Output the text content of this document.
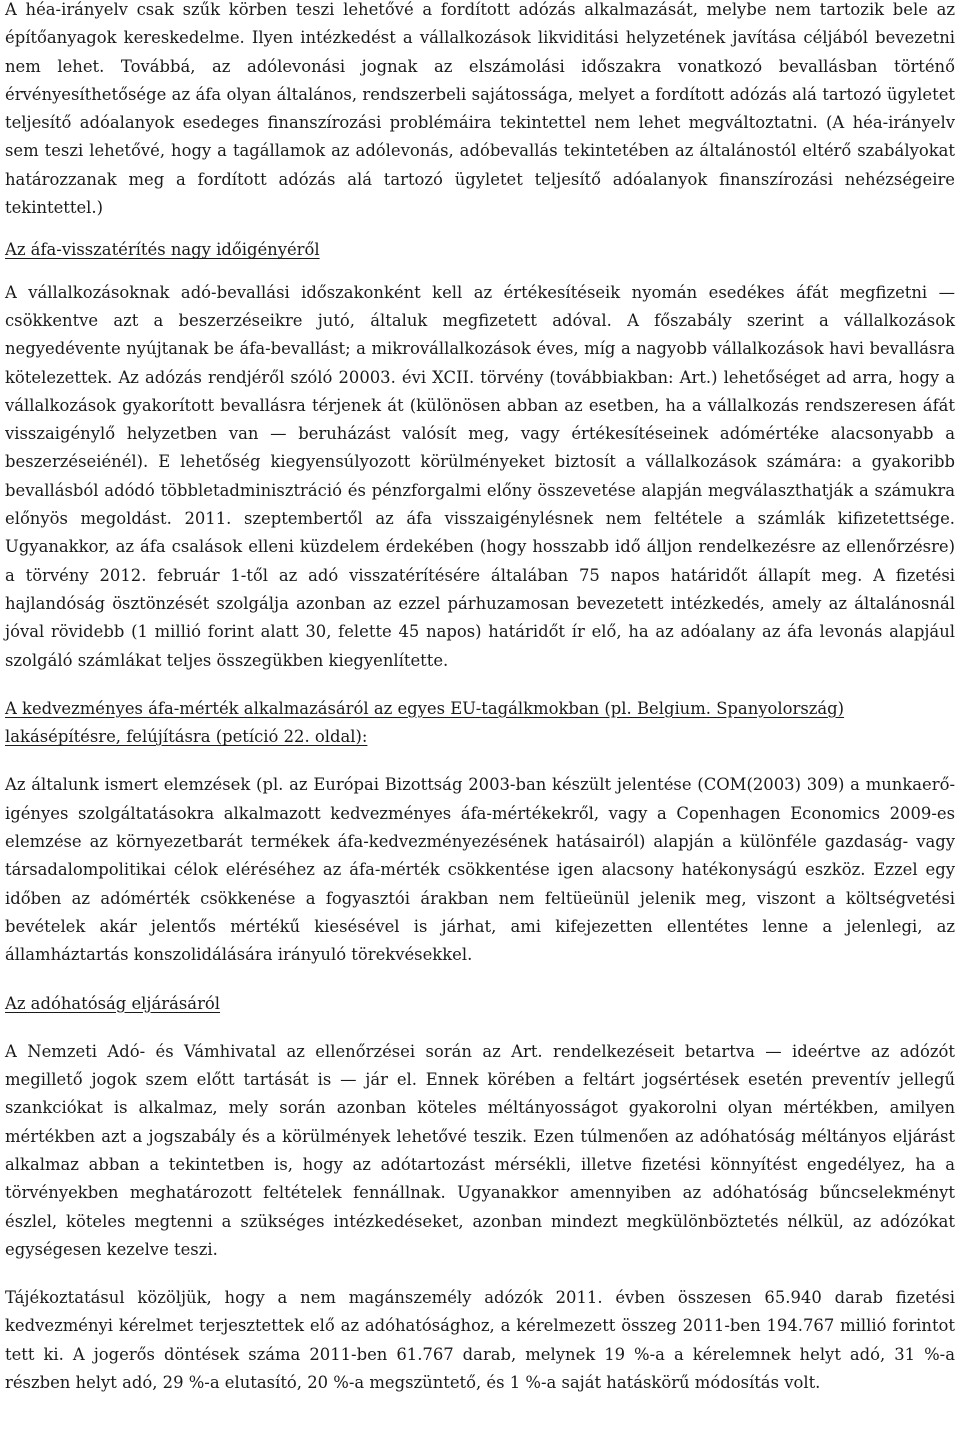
A héa-irányelv csak szűk körben teszi lehetővé a fordított adózás alkalmazását, melybe nem tartozik bele az építőanyagok kereskedelme. Ilyen intézkedést a vállalkozások likviditási helyzetének javítása céljából bevezetni nem lehet. Továbbá, az adólevonási jognak az elszámolási időszakra vonatkozó bevallásban történő érvényesíthetősége az áfa olyan általános, rendszerbeli sajátossága, melyet a fordított adózás alá tartozó ügyletet teljesítő adóalanyok esedeges finanszírozási problémáira tekintettel nem lehet megváltoztatni. (A héa-irányelv sem teszi lehetővé, hogy a tagállamok az adólevonás, adóbevallás tekintetében az általánostól eltérő szabályokat határozzanak meg a fordított adózás alá tartozó ügyletet teljesítő adóalanyok finanszírozási nehézségeire tekintettel.)

Az áfa-visszatérítés nagy időigényéről

A vállalkozásoknak adó-bevallási időszakonként kell az értékesítéseik nyomán esedékes áfát megfizetni — csökkentve azt a beszerzéseikre jutó, általuk megfizetett adóval. A főszabály szerint a vállalkozások negyedévente nyújtanak be áfa-bevallást; a mikrovállalkozások éves, míg a nagyobb vállalkozások havi bevallásra kötelezettek. Az adózás rendjéről szóló 20003. évi XCII. törvény (továbbiakban: Art.) lehetőséget ad arra, hogy a vállalkozások gyakorított bevallásra térjenek át (különösen abban az esetben, ha a vállalkozás rendszeresen áfát visszaigénylő helyzetben van — beruházást valósít meg, vagy értékesítéseinek adómértéke alacsonyabb a beszerzéseiénél). E lehetőség kiegyensúlyozott körülményeket biztosít a vállalkozások számára: a gyakoribb bevallásból adódó többletadminisztráció és pénzforgalmi előny összevetése alapján megválaszthatják a számukra előnyös megoldást. 2011. szeptembertől az áfa visszaigénylésnek nem feltétele a számlák kifizetettsége. Ugyanakkor, az áfa csalások elleni küzdelem érdekében (hogy hosszabb idő álljon rendelkezésre az ellenőrzésre) a törvény 2012. február 1-től az adó visszatérítésére általában 75 napos határidőt állapít meg. A fizetési hajlandóság ösztönzését szolgálja azonban az ezzel párhuzamosan bevezetett intézkedés, amely az általánosnál jóval rövidebb (1 millió forint alatt 30, felette 45 napos) határidőt ír elő, ha az adóalany az áfa levonás alapjául szolgáló számlákat teljes összegükben kiegyenlítette.

A kedvezményes áfa-mérték alkalmazásáról az egyes EU-tagálkmokban (pl. Belgium. Spanyolország) lakásépítésre, felújításra (petíció 22. oldal):

Az általunk ismert elemzések (pl. az Európai Bizottság 2003-ban készült jelentése (COM(2003) 309) a munkaerő-igényes szolgáltatásokra alkalmazott kedvezményes áfa-mértékekről, vagy a Copenhagen Economics 2009-es elemzése az környezetbarát termékek áfa-kedvezményezésének hatásairól) alapján a különféle gazdaság- vagy társadalompolitikai célok eléréséhez az áfa-mérték csökkentése igen alacsony hatékonyságú eszköz. Ezzel egy időben az adómérték csökkenése a fogyasztói árakban nem feltüeünül jelenik meg, viszont a költségvetési bevételek akár jelentős mértékű kiesésével is járhat, ami kifejezetten ellentétes lenne a jelenlegi, az államháztartás konszolidálására irányuló törekvésekkel.

Az adóhatóság eljárásáról

A Nemzeti Adó- és Vámhivatal az ellenőrzései során az Art. rendelkezéseit betartva — ideértve az adózót megillető jogok szem előtt tartását is — jár el. Ennek körében a feltárt jogsértések esetén preventív jellegű szankciókat is alkalmaz, mely során azonban köteles méltányosságot gyakorolni olyan mértékben, amilyen mértékben azt a jogszabály és a körülmények lehetővé teszik. Ezen túlmenően az adóhatóság méltányos eljárást alkalmaz abban a tekintetben is, hogy az adótartozást mérsékli, illetve fizetési könnyítést engedélyez, ha a törvényekben meghatározott feltételek fennállnak. Ugyanakkor amennyiben az adóhatóság bűncselekményt észlel, köteles megtenni a szükséges intézkedéseket, azonban mindezt megkülönböztetés nélkül, az adózókat egységesen kezelve teszi.

Tájékoztatásul közöljük, hogy a nem magánszemély adózók 2011. évben összesen 65.940 darab fizetési kedvezményi kérelmet terjesztettek elő az adóhatósághoz, a kérelmezett összeg 2011-ben 194.767 millió forintot tett ki. A jogerős döntések száma 2011-ben 61.767 darab, melynek 19 %-a a kérelemnek helyt adó, 31 %-a részben helyt adó, 29 %-a elutasító, 20 %-a megszüntető, és 1 %-a saját hatáskörű módosítás volt.
